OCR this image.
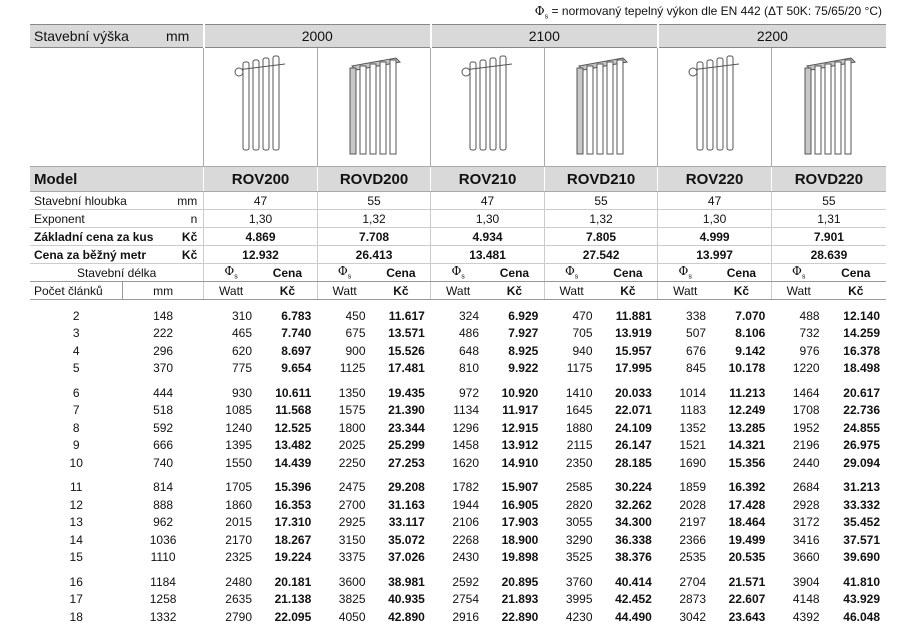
$\Phi_s$ = normovaný tepelný výkon dle EN 442 (ΔT 50K: 75/65/20 °C)
Stavební výška mm		2000				2100				2200			

Model		ROV200		ROVD200		ROV210		ROVD210		ROV220		ROVD220	
Stavební hloubka	mm	47		55		47		55		47		55	
Exponent	n	1,30		1,32		1,30		1,32		1,30		1,31	
Základní cena za kus	Kč	4.869		7.708		4.934		7.805		4.999		7.901	
Cena za běžný metr	Kč	12.932		26.413		13.481		27.542		13.997		28.639	
Stavební délka		$\Phi_s$	Cena	$\Phi_s$	Cena	$\Phi_s$	Cena	$\Phi_s$	Cena	$\Phi_s$	Cena	$\Phi_s$	Cena
Počet článků	mm	Watt	Kč	Watt	Kč	Watt	Kč	Watt	Kč	Watt	Kč	Watt	Kč

2	148	310	6.783	450	11.617	324	6.929	470	11.881	338	7.070	488	12.140
3	222	465	7.740	675	13.571	486	7.927	705	13.919	507	8.106	732	14.259
4	296	620	8.697	900	15.526	648	8.925	940	15.957	676	9.142	976	16.378
5	370	775	9.654	1125	17.481	810	9.922	1175	17.995	845	10.178	1220	18.498

6	444	930	10.611	1350	19.435	972	10.920	1410	20.033	1014	11.213	1464	20.617
7	518	1085	11.568	1575	21.390	1134	11.917	1645	22.071	1183	12.249	1708	22.736
8	592	1240	12.525	1800	23.344	1296	12.915	1880	24.109	1352	13.285	1952	24.855
9	666	1395	13.482	2025	25.299	1458	13.912	2115	26.147	1521	14.321	2196	26.975
10	740	1550	14.439	2250	27.253	1620	14.910	2350	28.185	1690	15.356	2440	29.094

11	814	1705	15.396	2475	29.208	1782	15.907	2585	30.224	1859	16.392	2684	31.213
12	888	1860	16.353	2700	31.163	1944	16.905	2820	32.262	2028	17.428	2928	33.332
13	962	2015	17.310	2925	33.117	2106	17.903	3055	34.300	2197	18.464	3172	35.452
14	1036	2170	18.267	3150	35.072	2268	18.900	3290	36.338	2366	19.499	3416	37.571
15	1110	2325	19.224	3375	37.026	2430	19.898	3525	38.376	2535	20.535	3660	39.690

16	1184	2480	20.181	3600	38.981	2592	20.895	3760	40.414	2704	21.571	3904	41.810
17	1258	2635	21.138	3825	40.935	2754	21.893	3995	42.452	2873	22.607	4148	43.929
18	1332	2790	22.095	4050	42.890	2916	22.890	4230	44.490	3042	23.643	4392	46.048
